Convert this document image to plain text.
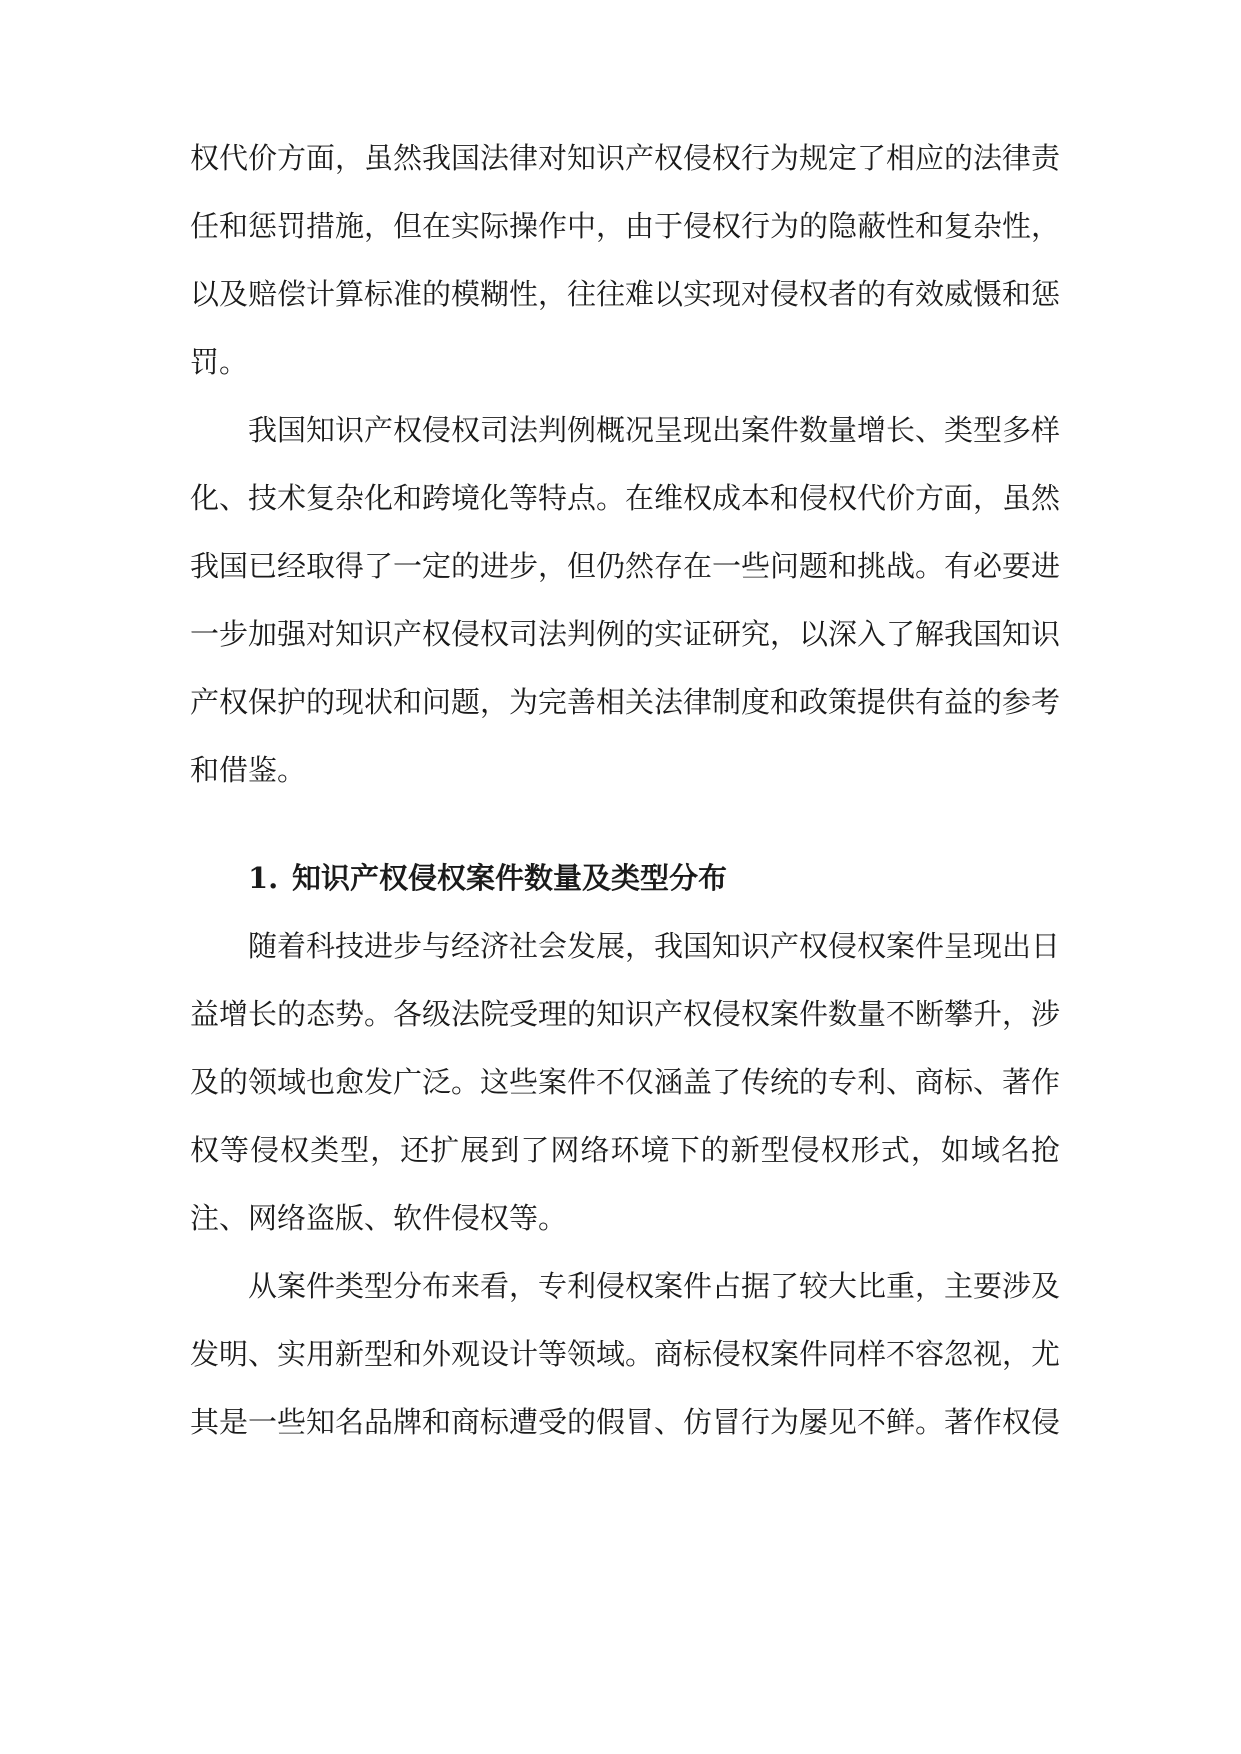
权代价方面，虽然我国法律对知识产权侵权行为规定了相应的法律责任和惩罚措施，但在实际操作中，由于侵权行为的隐蔽性和复杂性，以及赔偿计算标准的模糊性，往往难以实现对侵权者的有效威慑和惩罚。

我国知识产权侵权司法判例概况呈现出案件数量增长、类型多样化、技术复杂化和跨境化等特点。在维权成本和侵权代价方面，虽然我国已经取得了一定的进步，但仍然存在一些问题和挑战。有必要进一步加强对知识产权侵权司法判例的实证研究，以深入了解我国知识产权保护的现状和问题，为完善相关法律制度和政策提供有益的参考和借鉴。

1. 知识产权侵权案件数量及类型分布

随着科技进步与经济社会发展，我国知识产权侵权案件呈现出日益增长的态势。各级法院受理的知识产权侵权案件数量不断攀升，涉及的领域也愈发广泛。这些案件不仅涵盖了传统的专利、商标、著作权等侵权类型，还扩展到了网络环境下的新型侵权形式，如域名抢注、网络盗版、软件侵权等。

从案件类型分布来看，专利侵权案件占据了较大比重，主要涉及发明、实用新型和外观设计等领域。商标侵权案件同样不容忽视，尤其是一些知名品牌和商标遭受的假冒、仿冒行为屡见不鲜。著作权侵
